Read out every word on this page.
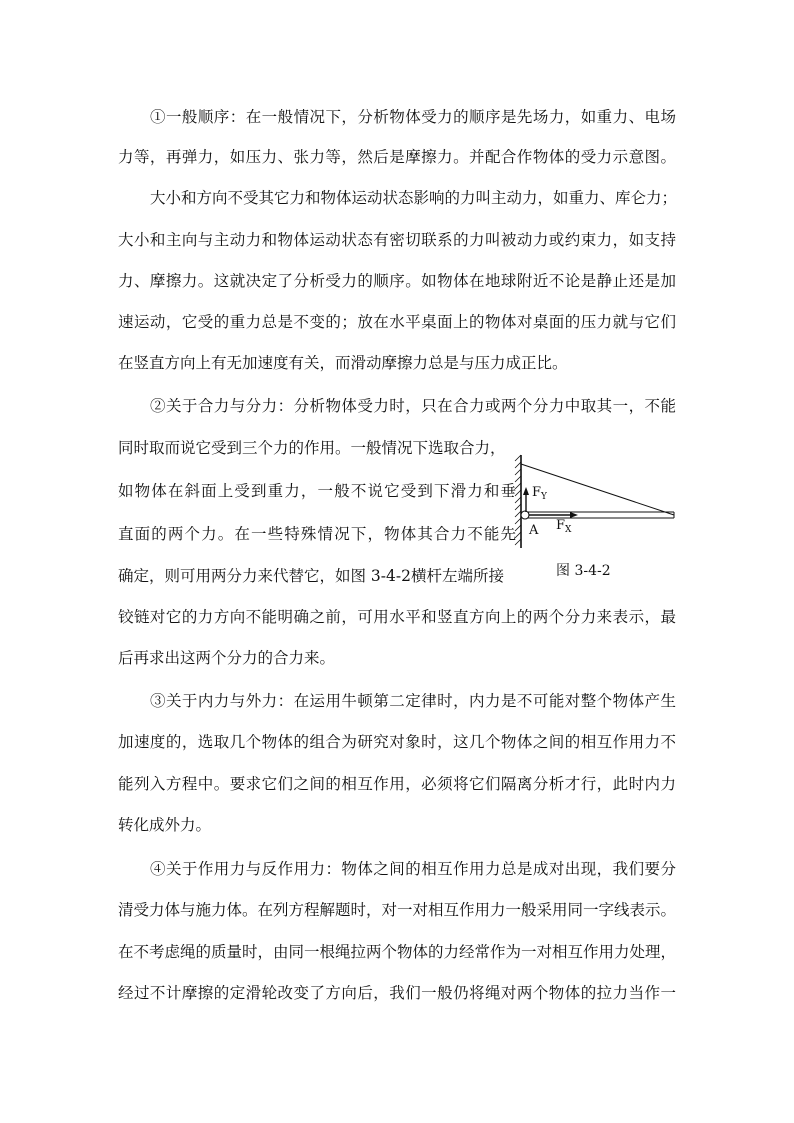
①一般顺序：在一般情况下，分析物体受力的顺序是先场力，如重力、电场
力等，再弹力，如压力、张力等，然后是摩擦力。并配合作物体的受力示意图。
大小和方向不受其它力和物体运动状态影响的力叫主动力，如重力、库仑力；
大小和主向与主动力和物体运动状态有密切联系的力叫被动力或约束力，如支持
力、摩擦力。这就决定了分析受力的顺序。如物体在地球附近不论是静止还是加
速运动，它受的重力总是不变的；放在水平桌面上的物体对桌面的压力就与它们
在竖直方向上有无加速度有关，而滑动摩擦力总是与压力成正比。
②关于合力与分力：分析物体受力时，只在合力或两个分力中取其一，不能
同时取而说它受到三个力的作用。一般情况下选取合力，
如物体在斜面上受到重力，一般不说它受到下滑力和垂
直面的两个力。在一些特殊情况下，物体其合力不能先
确定，则可用两分力来代替它，如图 3-4-2横杆左端所接
铰链对它的力方向不能明确之前，可用水平和竖直方向上的两个分力来表示，最
后再求出这两个分力的合力来。
$F_Y$
A $F_X$
图 3-4-2
③关于内力与外力：在运用牛顿第二定律时，内力是不可能对整个物体产生
加速度的，选取几个物体的组合为研究对象时，这几个物体之间的相互作用力不
能列入方程中。要求它们之间的相互作用，必须将它们隔离分析才行，此时内力
转化成外力。
④关于作用力与反作用力：物体之间的相互作用力总是成对出现，我们要分
清受力体与施力体。在列方程解题时，对一对相互作用力一般采用同一字线表示。
在不考虑绳的质量时，由同一根绳拉两个物体的力经常作为一对相互作用力处理，
经过不计摩擦的定滑轮改变了方向后，我们一般仍将绳对两个物体的拉力当作一
